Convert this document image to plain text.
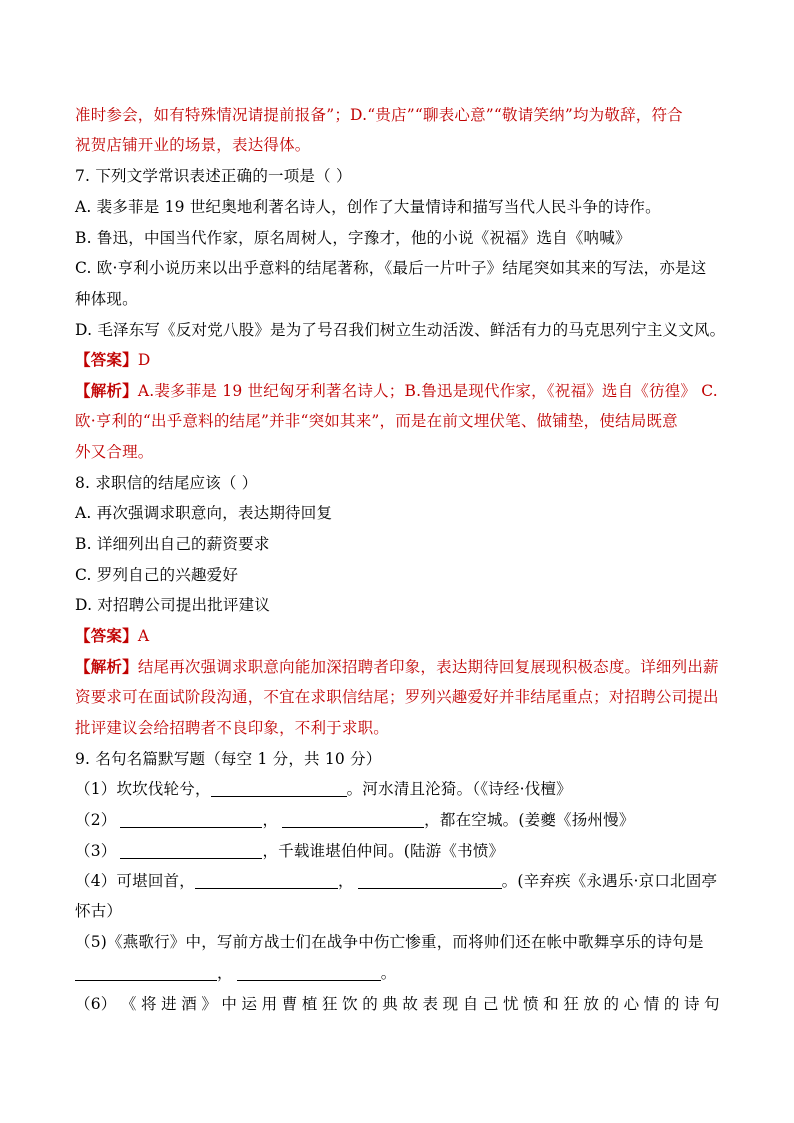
准时参会，如有特殊情况请提前报备”；D.“贵店”“聊表心意”“敬请笑纳”均为敬辞，符合
祝贺店铺开业的场景，表达得体。
7. 下列文学常识表述正确的一项是（ ）
A. 裴多菲是 19 世纪奥地利著名诗人，创作了大量情诗和描写当代人民斗争的诗作。
B. 鲁迅，中国当代作家，原名周树人，字豫才，他的小说《祝福》选自《呐喊》
C. 欧·亨利小说历来以出乎意料的结尾著称，《最后一片叶子》结尾突如其来的写法，亦是这
种体现。
D. 毛泽东写《反对党八股》是为了号召我们树立生动活泼、鲜活有力的马克思列宁主义文风。
【答案】D
【解析】A.裴多菲是 19 世纪匈牙利著名诗人；B.鲁迅是现代作家，《祝福》选自《彷徨》 C.
欧·亨利的“出乎意料的结尾”并非“突如其来”，而是在前文埋伏笔、做铺垫，使结局既意
外又合理。
8. 求职信的结尾应该（ ）
A. 再次强调求职意向，表达期待回复
B. 详细列出自己的薪资要求
C. 罗列自己的兴趣爱好
D. 对招聘公司提出批评建议
【答案】A
【解析】结尾再次强调求职意向能加深招聘者印象，表达期待回复展现积极态度。详细列出薪
资要求可在面试阶段沟通，不宜在求职信结尾；罗列兴趣爱好并非结尾重点；对招聘公司提出
批评建议会给招聘者不良印象，不利于求职。
9. 名句名篇默写题（每空 1 分，共 10 分）
（1）坎坎伐轮兮，	。河水清且沦猗。（《诗经·伐檀》
（2）	，	，都在空城。(姜夔《扬州慢》
（3）	，千载谁堪伯仲间。(陆游《书愤》
（4）可堪回首，	，	。(辛弃疾《永遇乐·京口北固亭
怀古）
（5)《燕歌行》中，写前方战士们在战争中伤亡惨重，而将帅们还在帐中歌舞享乐的诗句是
，	。
（6） 《 将 进 酒 》 中 运 用 曹 植 狂 饮 的 典 故 表 现 自 己 忧 愤 和 狂 放 的 心 情 的 诗 句
